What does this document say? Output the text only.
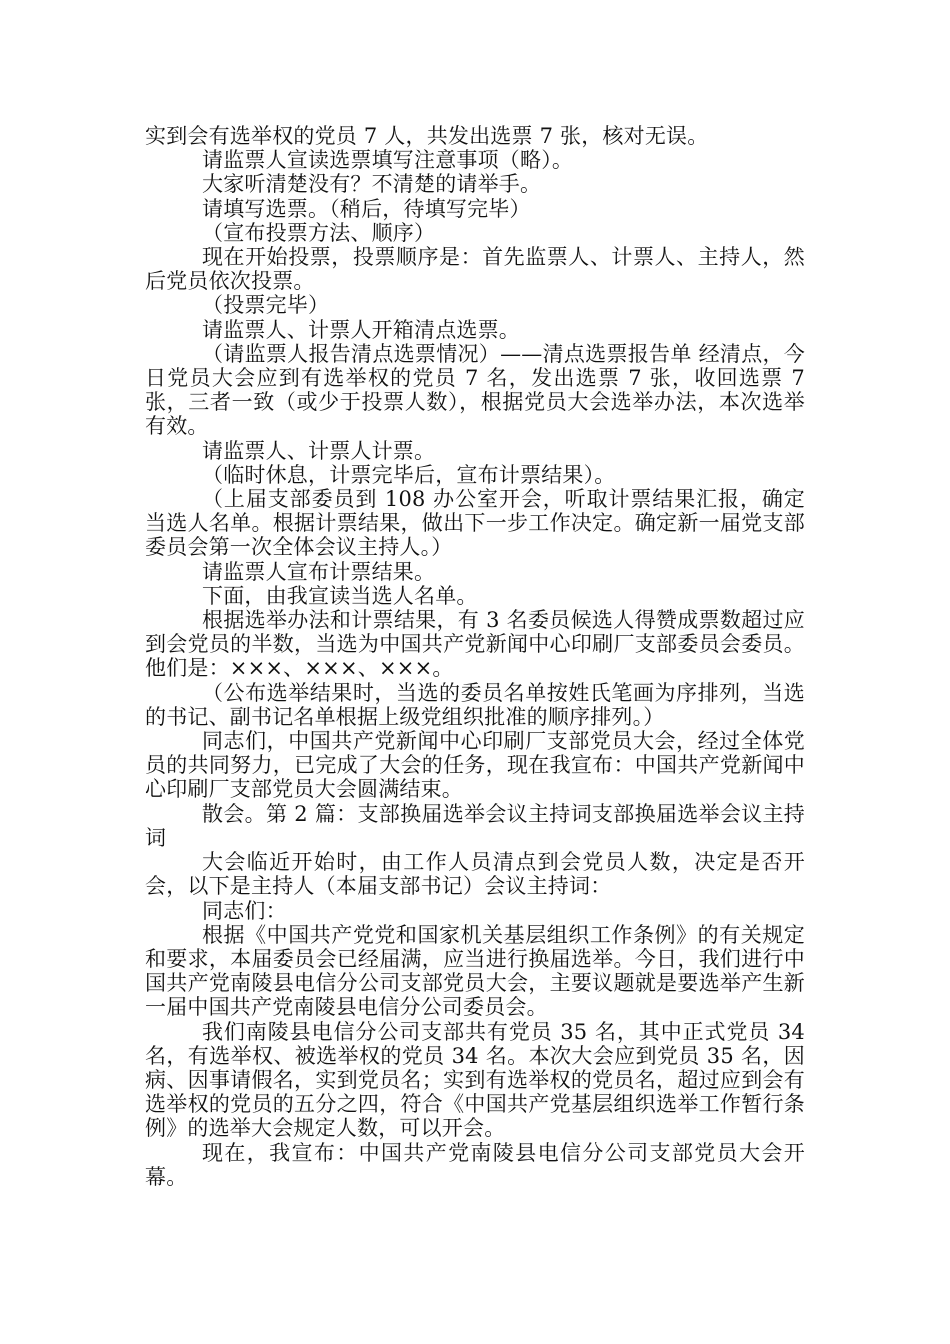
实到会有选举权的党员 7 人，共发出选票 7 张，核对无误。

请监票人宣读选票填写注意事项（略）。

大家听清楚没有？不清楚的请举手。

请填写选票。（稍后，待填写完毕）

（宣布投票方法、顺序）

现在开始投票，投票顺序是：首先监票人、计票人、主持人，然后党员依次投票。

（投票完毕）

请监票人、计票人开箱清点选票。

（请监票人报告清点选票情况）——清点选票报告单 经清点，今日党员大会应到有选举权的党员 7 名，发出选票 7 张，收回选票 7 张，三者一致（或少于投票人数），根据党员大会选举办法，本次选举有效。

请监票人、计票人计票。

（临时休息，计票完毕后，宣布计票结果）。

（上届支部委员到 108 办公室开会，听取计票结果汇报，确定当选人名单。根据计票结果，做出下一步工作决定。确定新一届党支部委员会第一次全体会议主持人。）

请监票人宣布计票结果。

下面，由我宣读当选人名单。

根据选举办法和计票结果，有 3 名委员候选人得赞成票数超过应到会党员的半数，当选为中国共产党新闻中心印刷厂支部委员会委员。他们是：×××、×××、×××。

（公布选举结果时，当选的委员名单按姓氏笔画为序排列，当选的书记、副书记名单根据上级党组织批准的顺序排列。）

同志们，中国共产党新闻中心印刷厂支部党员大会，经过全体党员的共同努力，已完成了大会的任务，现在我宣布：中国共产党新闻中心印刷厂支部党员大会圆满结束。

散会。第 2 篇：支部换届选举会议主持词支部换届选举会议主持词

大会临近开始时，由工作人员清点到会党员人数，决定是否开会，以下是主持人（本届支部书记）会议主持词：

同志们：

根据《中国共产党党和国家机关基层组织工作条例》的有关规定和要求，本届委员会已经届满，应当进行换届选举。今日，我们进行中国共产党南陵县电信分公司支部党员大会，主要议题就是要选举产生新一届中国共产党南陵县电信分公司委员会。

我们南陵县电信分公司支部共有党员 35 名，其中正式党员 34 名，有选举权、被选举权的党员 34 名。本次大会应到党员 35 名，因病、因事请假名，实到党员名；实到有选举权的党员名，超过应到会有选举权的党员的五分之四，符合《中国共产党基层组织选举工作暂行条例》的选举大会规定人数，可以开会。

现在，我宣布：中国共产党南陵县电信分公司支部党员大会开幕。
